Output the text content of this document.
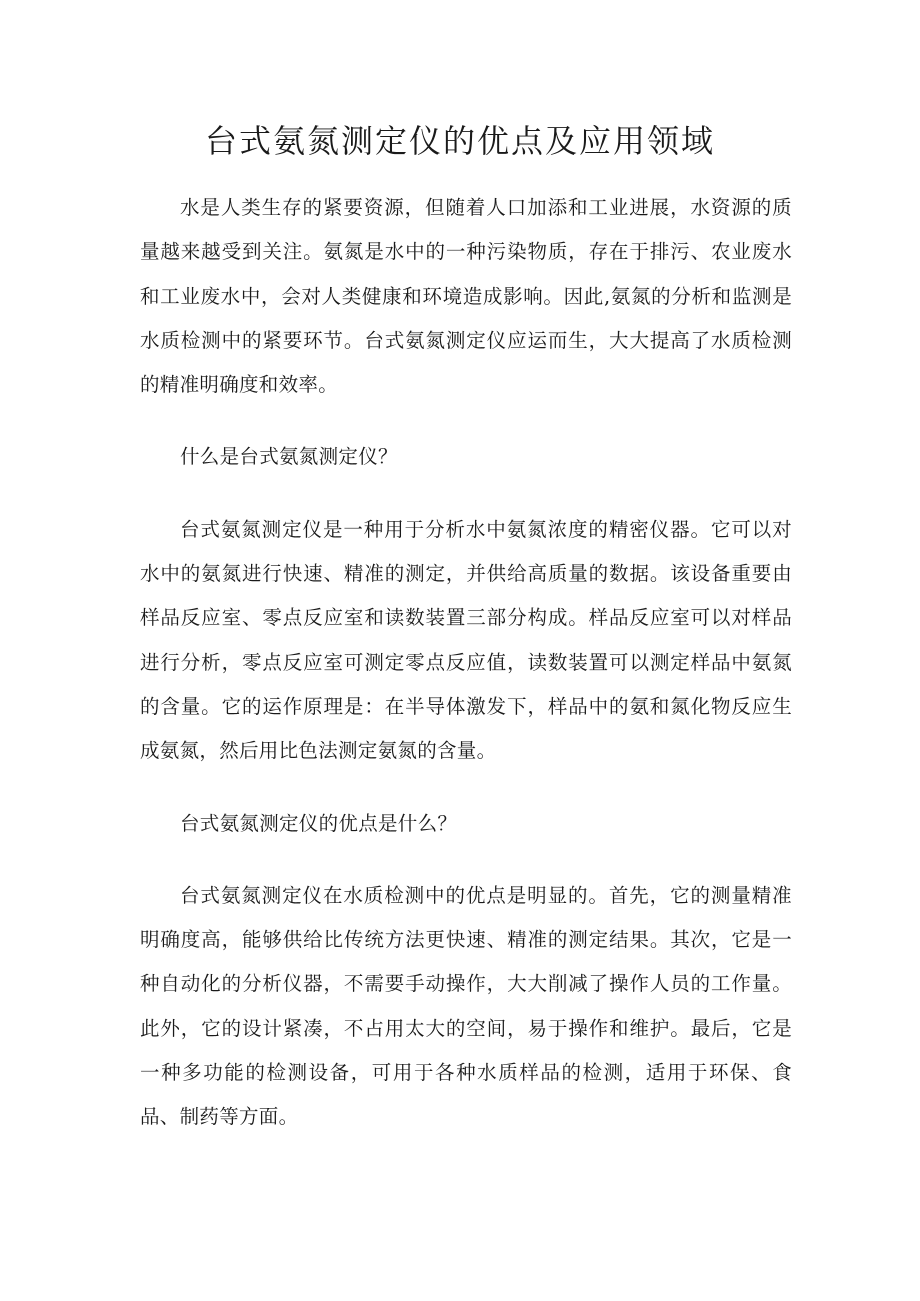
台式氨氮测定仪的优点及应用领域

水是人类生存的紧要资源，但随着人口加添和工业进展，水资源的质量越来越受到关注。氨氮是水中的一种污染物质，存在于排污、农业废水和工业废水中，会对人类健康和环境造成影响。因此,氨氮的分析和监测是水质检测中的紧要环节。台式氨氮测定仪应运而生，大大提高了水质检测的精准明确度和效率。

什么是台式氨氮测定仪？

台式氨氮测定仪是一种用于分析水中氨氮浓度的精密仪器。它可以对水中的氨氮进行快速、精准的测定，并供给高质量的数据。该设备重要由样品反应室、零点反应室和读数装置三部分构成。样品反应室可以对样品进行分析，零点反应室可测定零点反应值，读数装置可以测定样品中氨氮的含量。它的运作原理是：在半导体激发下，样品中的氨和氮化物反应生成氨氮，然后用比色法测定氨氮的含量。

台式氨氮测定仪的优点是什么？

台式氨氮测定仪在水质检测中的优点是明显的。首先，它的测量精准明确度高，能够供给比传统方法更快速、精准的测定结果。其次，它是一种自动化的分析仪器，不需要手动操作，大大削减了操作人员的工作量。此外，它的设计紧凑，不占用太大的空间，易于操作和维护。最后，它是一种多功能的检测设备，可用于各种水质样品的检测，适用于环保、食品、制药等方面。
